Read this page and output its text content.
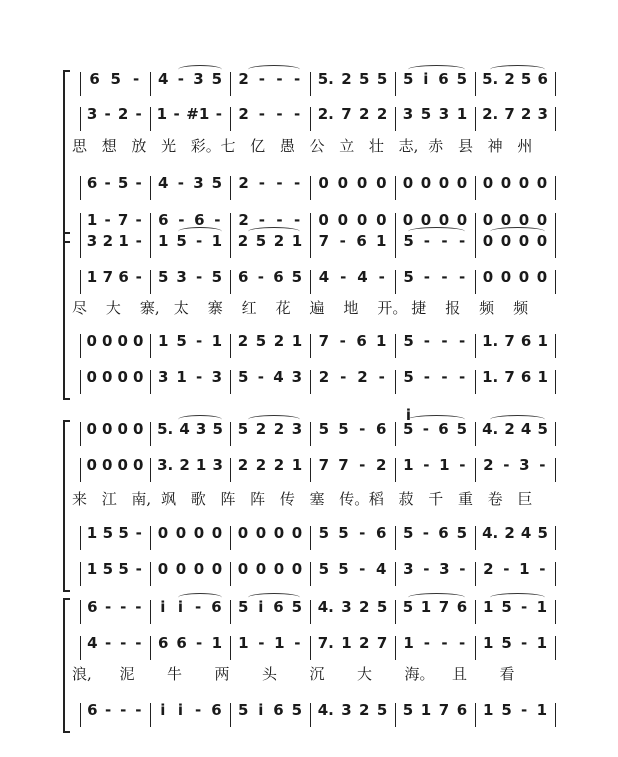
6 5 - 4 - 3 5 2 - - - 5. 2 5 5 5 i 6 5 5. 2 5 6
3 - 2 - 1 - #1 - 2 - - - 2. 7 2 2 3 5 3 1 2. 7 2 3
6 - 5 - 4 - 3 5 2 - - - 0 0 0 0 0 0 0 0 0 0 0 0
1 - 7 - 6 - 6 - 2 - - - 0 0 0 0 0 0 0 0 0 0 0 0
思 想 放 光 彩。 七 亿 愚 公 立 壮 志, 赤 县 神 州
3 2 1 - 1 5 - 1 2 5 2 1 7 - 6 1 5 - - - 0 0 0 0
1 7 6 - 5 3 - 5 6 - 6 5 4 - 4 - 5 - - - 0 0 0 0
0 0 0 0 1 5 - 1 2 5 2 1 7 - 6 1 5 - - - 1. 7 6 1
0 0 0 0 3 1 - 3 5 - 4 3 2 - 2 - 5 - - - 1. 7 6 1
尽 大 寨, 太 寨 红 花 遍 地 开。 捷 报 频 频
0 0 0 0 5. 4 3 5 5 2 2 3 5 5 - 6 5 - 6 5 4. 2 4 5
0 0 0 0 3. 2 1 3 2 2 2 1 7 7 - 2 1 - 1 - 2 - 3 -
1 5 5 - 0 0 0 0 0 0 0 0 5 5 - 6 5 - 6 5 4. 2 4 5
1 5 5 - 0 0 0 0 0 0 0 0 5 5 - 4 3 - 3 - 2 - 1 -
来 江 南, 飒 歌 阵 阵 传 塞 传。 稻 菽 千 重 卷 巨
i
6 - - - i i - 6 5 i 6 5 4. 3 2 5 5 1 7 6 1 5 - 1
4 - - - 6 6 - 1 1 - 1 - 7. 1 2 7 1 - - - 1 5 - 1
6 - - - i i - 6 5 i 6 5 4. 3 2 5 5 1 7 6 1 5 - 1
浪, 泥 牛 两 头 沉 大 海。 且 看
